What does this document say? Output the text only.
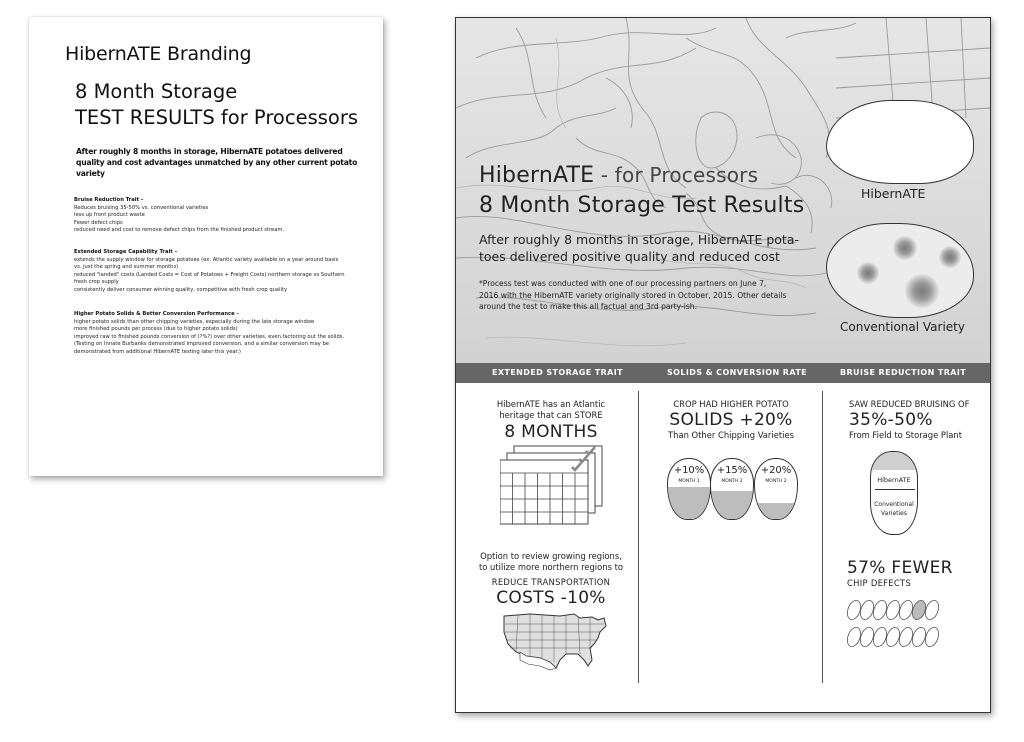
HibernATE Branding
8 Month Storage
TEST RESULTS for Processors
After roughly 8 months in storage, HibernATE potatoes delivered
quality and cost advantages unmatched by any other current potato variety
Bruise Reduction Trait –
Reduces bruising 35-50% vs. conventional varieties
less up front product waste
Fewer defect chips
reduced need and cost to remove defect chips from the finished product stream.
Extended Storage Capability Trait –
extends the supply window for storage potatoes (ex: Atlantic variety available on a year around basis
vs. just the spring and summer months)
reduced "landed" costs (Landed Costs = Cost of Potatoes + Freight Costs) northern storage vs Southern
fresh crop supply
consistently deliver consumer winning quality, competitive with fresh crop quality
Higher Potato Solids & Better Conversion Performance –
higher potato solids than other chipping varieties, especially during the late storage window
more finished pounds per process (due to higher potato solids)
improved raw to finished pounds conversion of (?%?) over other varieties, even factoring out the solids.
(Testing on Innate Burbanks demonstrated improved conversion, and a similar conversion may be
demonstrated from additional HibernATE testing later this year.)
HibernATE - for Processors
8 Month Storage Test Results
After roughly 8 months in storage, HibernATE pota-
toes delivered positive quality and reduced cost
*Process test was conducted with one of our processing partners on June 7,
2016 with the HibernATE variety originally stored in October, 2015. Other details
around the test to make this all factual and 3rd party-ish.
HibernATE
Conventional Variety
EXTENDED STORAGE TRAIT	SOLIDS & CONVERSION RATE	BRUISE REDUCTION TRAIT
HibernATE has an Atlantic
heritage that can STORE
8 MONTHS
Option to review growing regions,
to utilize more northern regions to
REDUCE TRANSPORTATION
COSTS -10%
CROP HAD HIGHER POTATO
SOLIDS +20%
Than Other Chipping Varieties
+10%
MONTH 1
+15%
MONTH 2
+20%
MONTH 2
SAW REDUCED BRUISING OF
35%-50%
From Field to Storage Plant
HibernATE
Conventional
Varieties
57% FEWER
CHIP DEFECTS
